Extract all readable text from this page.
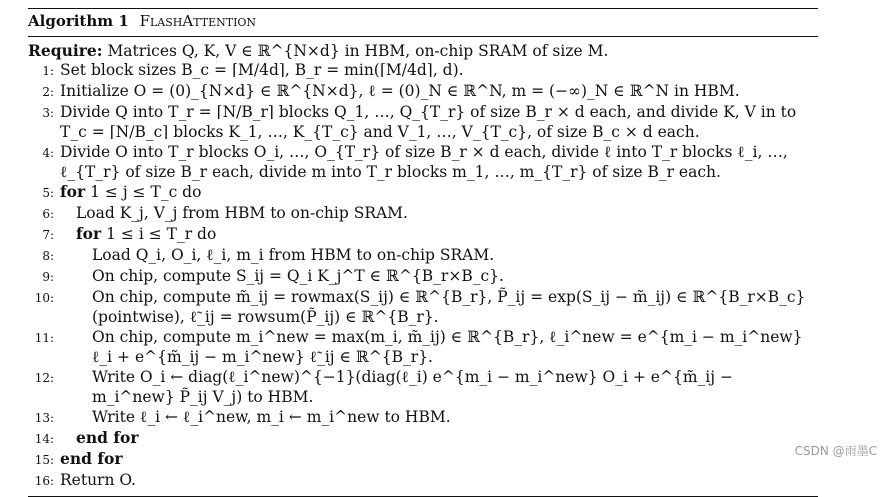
Algorithm 1 FlashAttention
Require: Matrices Q, K, V ∈ ℝ^{N×d} in HBM, on-chip SRAM of size M.
1: Set block sizes B_c = ⌈M/4d⌉, B_r = min(⌈M/4d⌉, d).
2: Initialize O = (0)_{N×d} ∈ ℝ^{N×d}, ℓ = (0)_N ∈ ℝ^N, m = (−∞)_N ∈ ℝ^N in HBM.
3: Divide Q into T_r = ⌈N/B_r⌉ blocks Q_1, …, Q_{T_r} of size B_r × d each, and divide K, V in to T_c = ⌈N/B_c⌉ blocks K_1, …, K_{T_c} and V_1, …, V_{T_c}, of size B_c × d each.
4: Divide O into T_r blocks O_i, …, O_{T_r} of size B_r × d each, divide ℓ into T_r blocks ℓ_i, …, ℓ_{T_r} of size B_r each, divide m into T_r blocks m_1, …, m_{T_r} of size B_r each.
5: for 1 ≤ j ≤ T_c do
6:	Load K_j, V_j from HBM to on-chip SRAM.
7:	for 1 ≤ i ≤ T_r do
8:	Load Q_i, O_i, ℓ_i, m_i from HBM to on-chip SRAM.
9:	On chip, compute S_ij = Q_i K_j^T ∈ ℝ^{B_r×B_c}.
10:	On chip, compute m̃_ij = rowmax(S_ij) ∈ ℝ^{B_r}, P̃_ij = exp(S_ij − m̃_ij) ∈ ℝ^{B_r×B_c} (pointwise), ℓ̃_ij = rowsum(P̃_ij) ∈ ℝ^{B_r}.
11:	On chip, compute m_i^new = max(m_i, m̃_ij) ∈ ℝ^{B_r}, ℓ_i^new = e^{m_i − m_i^new} ℓ_i + e^{m̃_ij − m_i^new} ℓ̃_ij ∈ ℝ^{B_r}.
12:	Write O_i ← diag(ℓ_i^new)^{−1}(diag(ℓ_i) e^{m_i − m_i^new} O_i + e^{m̃_ij − m_i^new} P̃_ij V_j) to HBM.
13:	Write ℓ_i ← ℓ_i^new, m_i ← m_i^new to HBM.
14:	end for
15: end for
16: Return O.
CSDN @雨墨C
